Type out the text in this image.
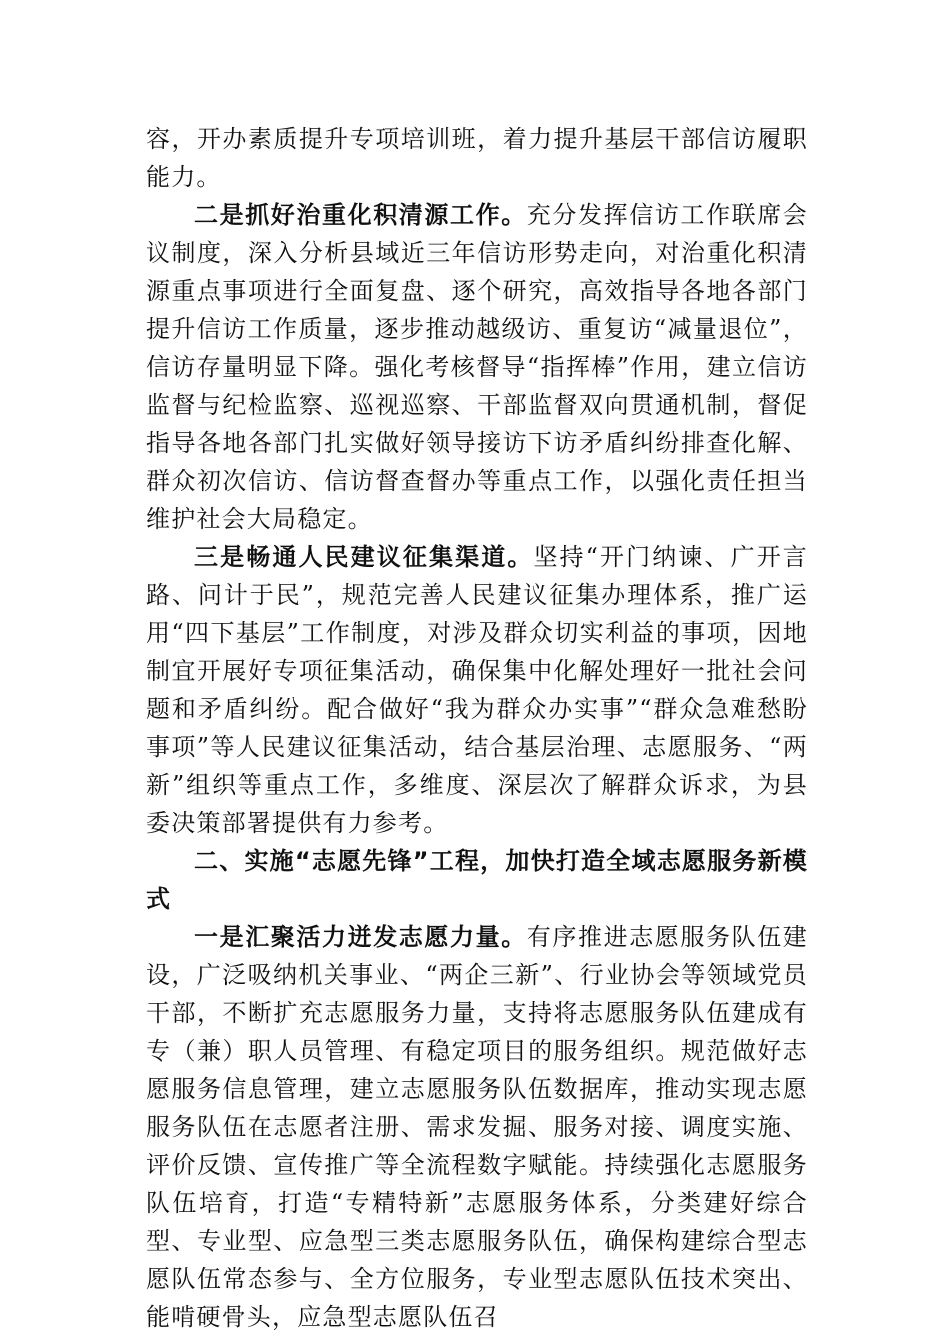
容，开办素质提升专项培训班，着力提升基层干部信访履职能力。

二是抓好治重化积清源工作。充分发挥信访工作联席会议制度，深入分析县域近三年信访形势走向，对治重化积清源重点事项进行全面复盘、逐个研究，高效指导各地各部门提升信访工作质量，逐步推动越级访、重复访“减量退位”，信访存量明显下降。强化考核督导“指挥棒”作用，建立信访监督与纪检监察、巡视巡察、干部监督双向贯通机制，督促指导各地各部门扎实做好领导接访下访矛盾纠纷排查化解、群众初次信访、信访督查督办等重点工作，以强化责任担当维护社会大局稳定。

三是畅通人民建议征集渠道。坚持“开门纳谏、广开言路、问计于民”，规范完善人民建议征集办理体系，推广运用“四下基层”工作制度，对涉及群众切实利益的事项，因地制宜开展好专项征集活动，确保集中化解处理好一批社会问题和矛盾纠纷。配合做好“我为群众办实事”“群众急难愁盼事项”等人民建议征集活动，结合基层治理、志愿服务、“两新”组织等重点工作，多维度、深层次了解群众诉求，为县委决策部署提供有力参考。

二、实施“志愿先锋”工程，加快打造全域志愿服务新模式

一是汇聚活力迸发志愿力量。有序推进志愿服务队伍建设，广泛吸纳机关事业、“两企三新”、行业协会等领域党员干部，不断扩充志愿服务力量，支持将志愿服务队伍建成有专（兼）职人员管理、有稳定项目的服务组织。规范做好志愿服务信息管理，建立志愿服务队伍数据库，推动实现志愿服务队伍在志愿者注册、需求发掘、服务对接、调度实施、评价反馈、宣传推广等全流程数字赋能。持续强化志愿服务队伍培育，打造“专精特新”志愿服务体系，分类建好综合型、专业型、应急型三类志愿服务队伍，确保构建综合型志愿队伍常态参与、全方位服务，专业型志愿队伍技术突出、能啃硬骨头，应急型志愿队伍召
